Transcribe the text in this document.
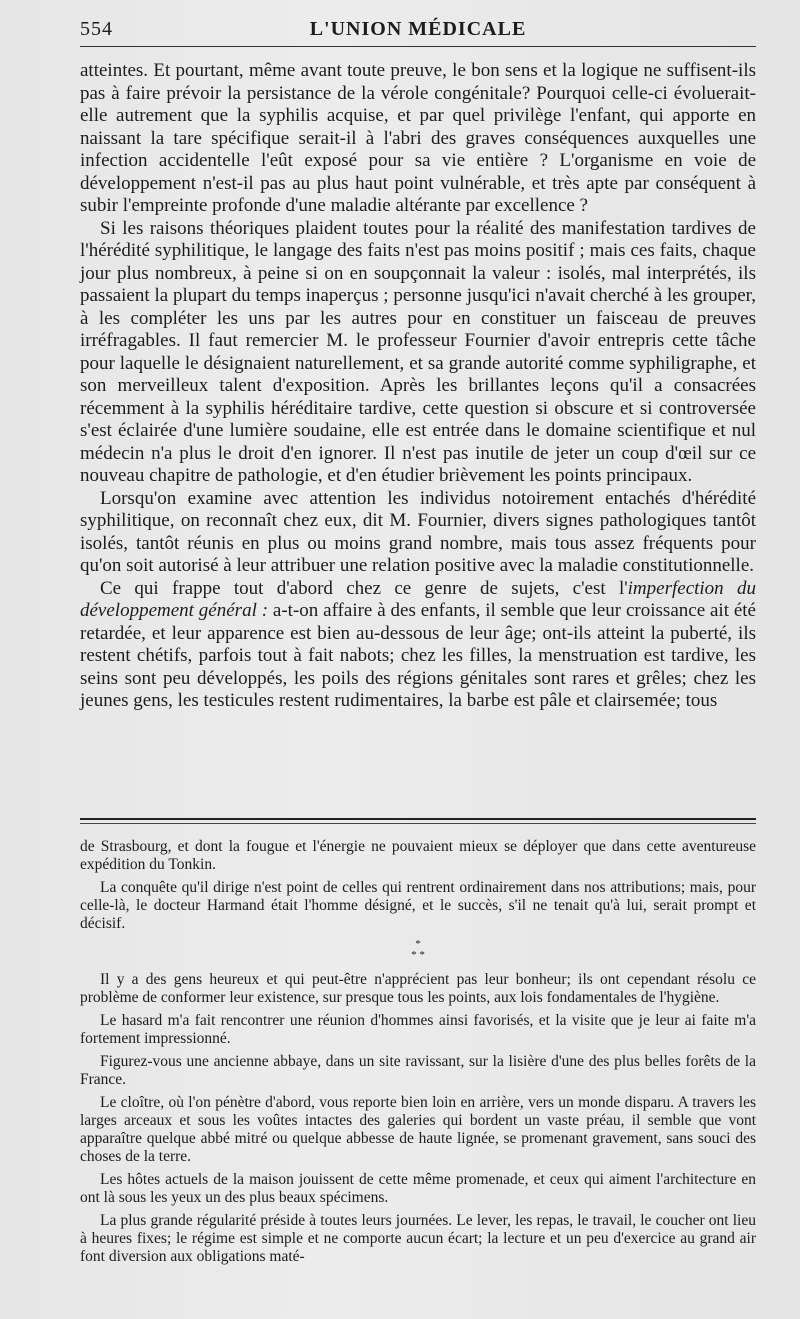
554	L'UNION MÉDICALE

atteintes. Et pourtant, même avant toute preuve, le bon sens et la logique ne suffisent-ils pas à faire prévoir la persistance de la vérole congénitale? Pourquoi celle-ci évoluerait-elle autrement que la syphilis acquise, et par quel privilège l'enfant, qui apporte en naissant la tare spécifique serait-il à l'abri des graves conséquences auxquelles une infection accidentelle l'eût exposé pour sa vie entière ? L'organisme en voie de développement n'est-il pas au plus haut point vulnérable, et très apte par conséquent à subir l'empreinte profonde d'une maladie altérante par excellence ?

Si les raisons théoriques plaident toutes pour la réalité des manifestation tardives de l'hérédité syphilitique, le langage des faits n'est pas moins positif ; mais ces faits, chaque jour plus nombreux, à peine si on en soupçonnait la valeur : isolés, mal interprétés, ils passaient la plupart du temps inaperçus ; personne jusqu'ici n'avait cherché à les grouper, à les compléter les uns par les autres pour en constituer un faisceau de preuves irréfragables. Il faut remercier M. le professeur Fournier d'avoir entrepris cette tâche pour laquelle le désignaient naturellement, et sa grande autorité comme syphiligraphe, et son merveilleux talent d'exposition. Après les brillantes leçons qu'il a consacrées récemment à la syphilis héréditaire tardive, cette question si obscure et si controversée s'est éclairée d'une lumière soudaine, elle est entrée dans le domaine scientifique et nul médecin n'a plus le droit d'en ignorer. Il n'est pas inutile de jeter un coup d'œil sur ce nouveau chapitre de pathologie, et d'en étudier brièvement les points principaux.

Lorsqu'on examine avec attention les individus notoirement entachés d'hérédité syphilitique, on reconnaît chez eux, dit M. Fournier, divers signes pathologiques tantôt isolés, tantôt réunis en plus ou moins grand nombre, mais tous assez fréquents pour qu'on soit autorisé à leur attribuer une relation positive avec la maladie constitutionnelle.

Ce qui frappe tout d'abord chez ce genre de sujets, c'est l'imperfection du développement général : a-t-on affaire à des enfants, il semble que leur croissance ait été retardée, et leur apparence est bien au-dessous de leur âge; ont-ils atteint la puberté, ils restent chétifs, parfois tout à fait nabots; chez les filles, la menstruation est tardive, les seins sont peu développés, les poils des régions génitales sont rares et grêles; chez les jeunes gens, les testicules restent rudimentaires, la barbe est pâle et clairsemée; tous

de Strasbourg, et dont la fougue et l'énergie ne pouvaient mieux se déployer que dans cette aventureuse expédition du Tonkin.

La conquête qu'il dirige n'est point de celles qui rentrent ordinairement dans nos attributions; mais, pour celle-là, le docteur Harmand était l'homme désigné, et le succès, s'il ne tenait qu'à lui, serait prompt et décisif.

*
* *

Il y a des gens heureux et qui peut-être n'apprécient pas leur bonheur; ils ont cependant résolu ce problème de conformer leur existence, sur presque tous les points, aux lois fondamentales de l'hygiène.

Le hasard m'a fait rencontrer une réunion d'hommes ainsi favorisés, et la visite que je leur ai faite m'a fortement impressionné.

Figurez-vous une ancienne abbaye, dans un site ravissant, sur la lisière d'une des plus belles forêts de la France.

Le cloître, où l'on pénètre d'abord, vous reporte bien loin en arrière, vers un monde disparu. A travers les larges arceaux et sous les voûtes intactes des galeries qui bordent un vaste préau, il semble que vont apparaître quelque abbé mitré ou quelque abbesse de haute lignée, se promenant gravement, sans souci des choses de la terre.

Les hôtes actuels de la maison jouissent de cette même promenade, et ceux qui aiment l'architecture en ont là sous les yeux un des plus beaux spécimens.

La plus grande régularité préside à toutes leurs journées. Le lever, les repas, le travail, le coucher ont lieu à heures fixes; le régime est simple et ne comporte aucun écart; la lecture et un peu d'exercice au grand air font diversion aux obligations maté-
